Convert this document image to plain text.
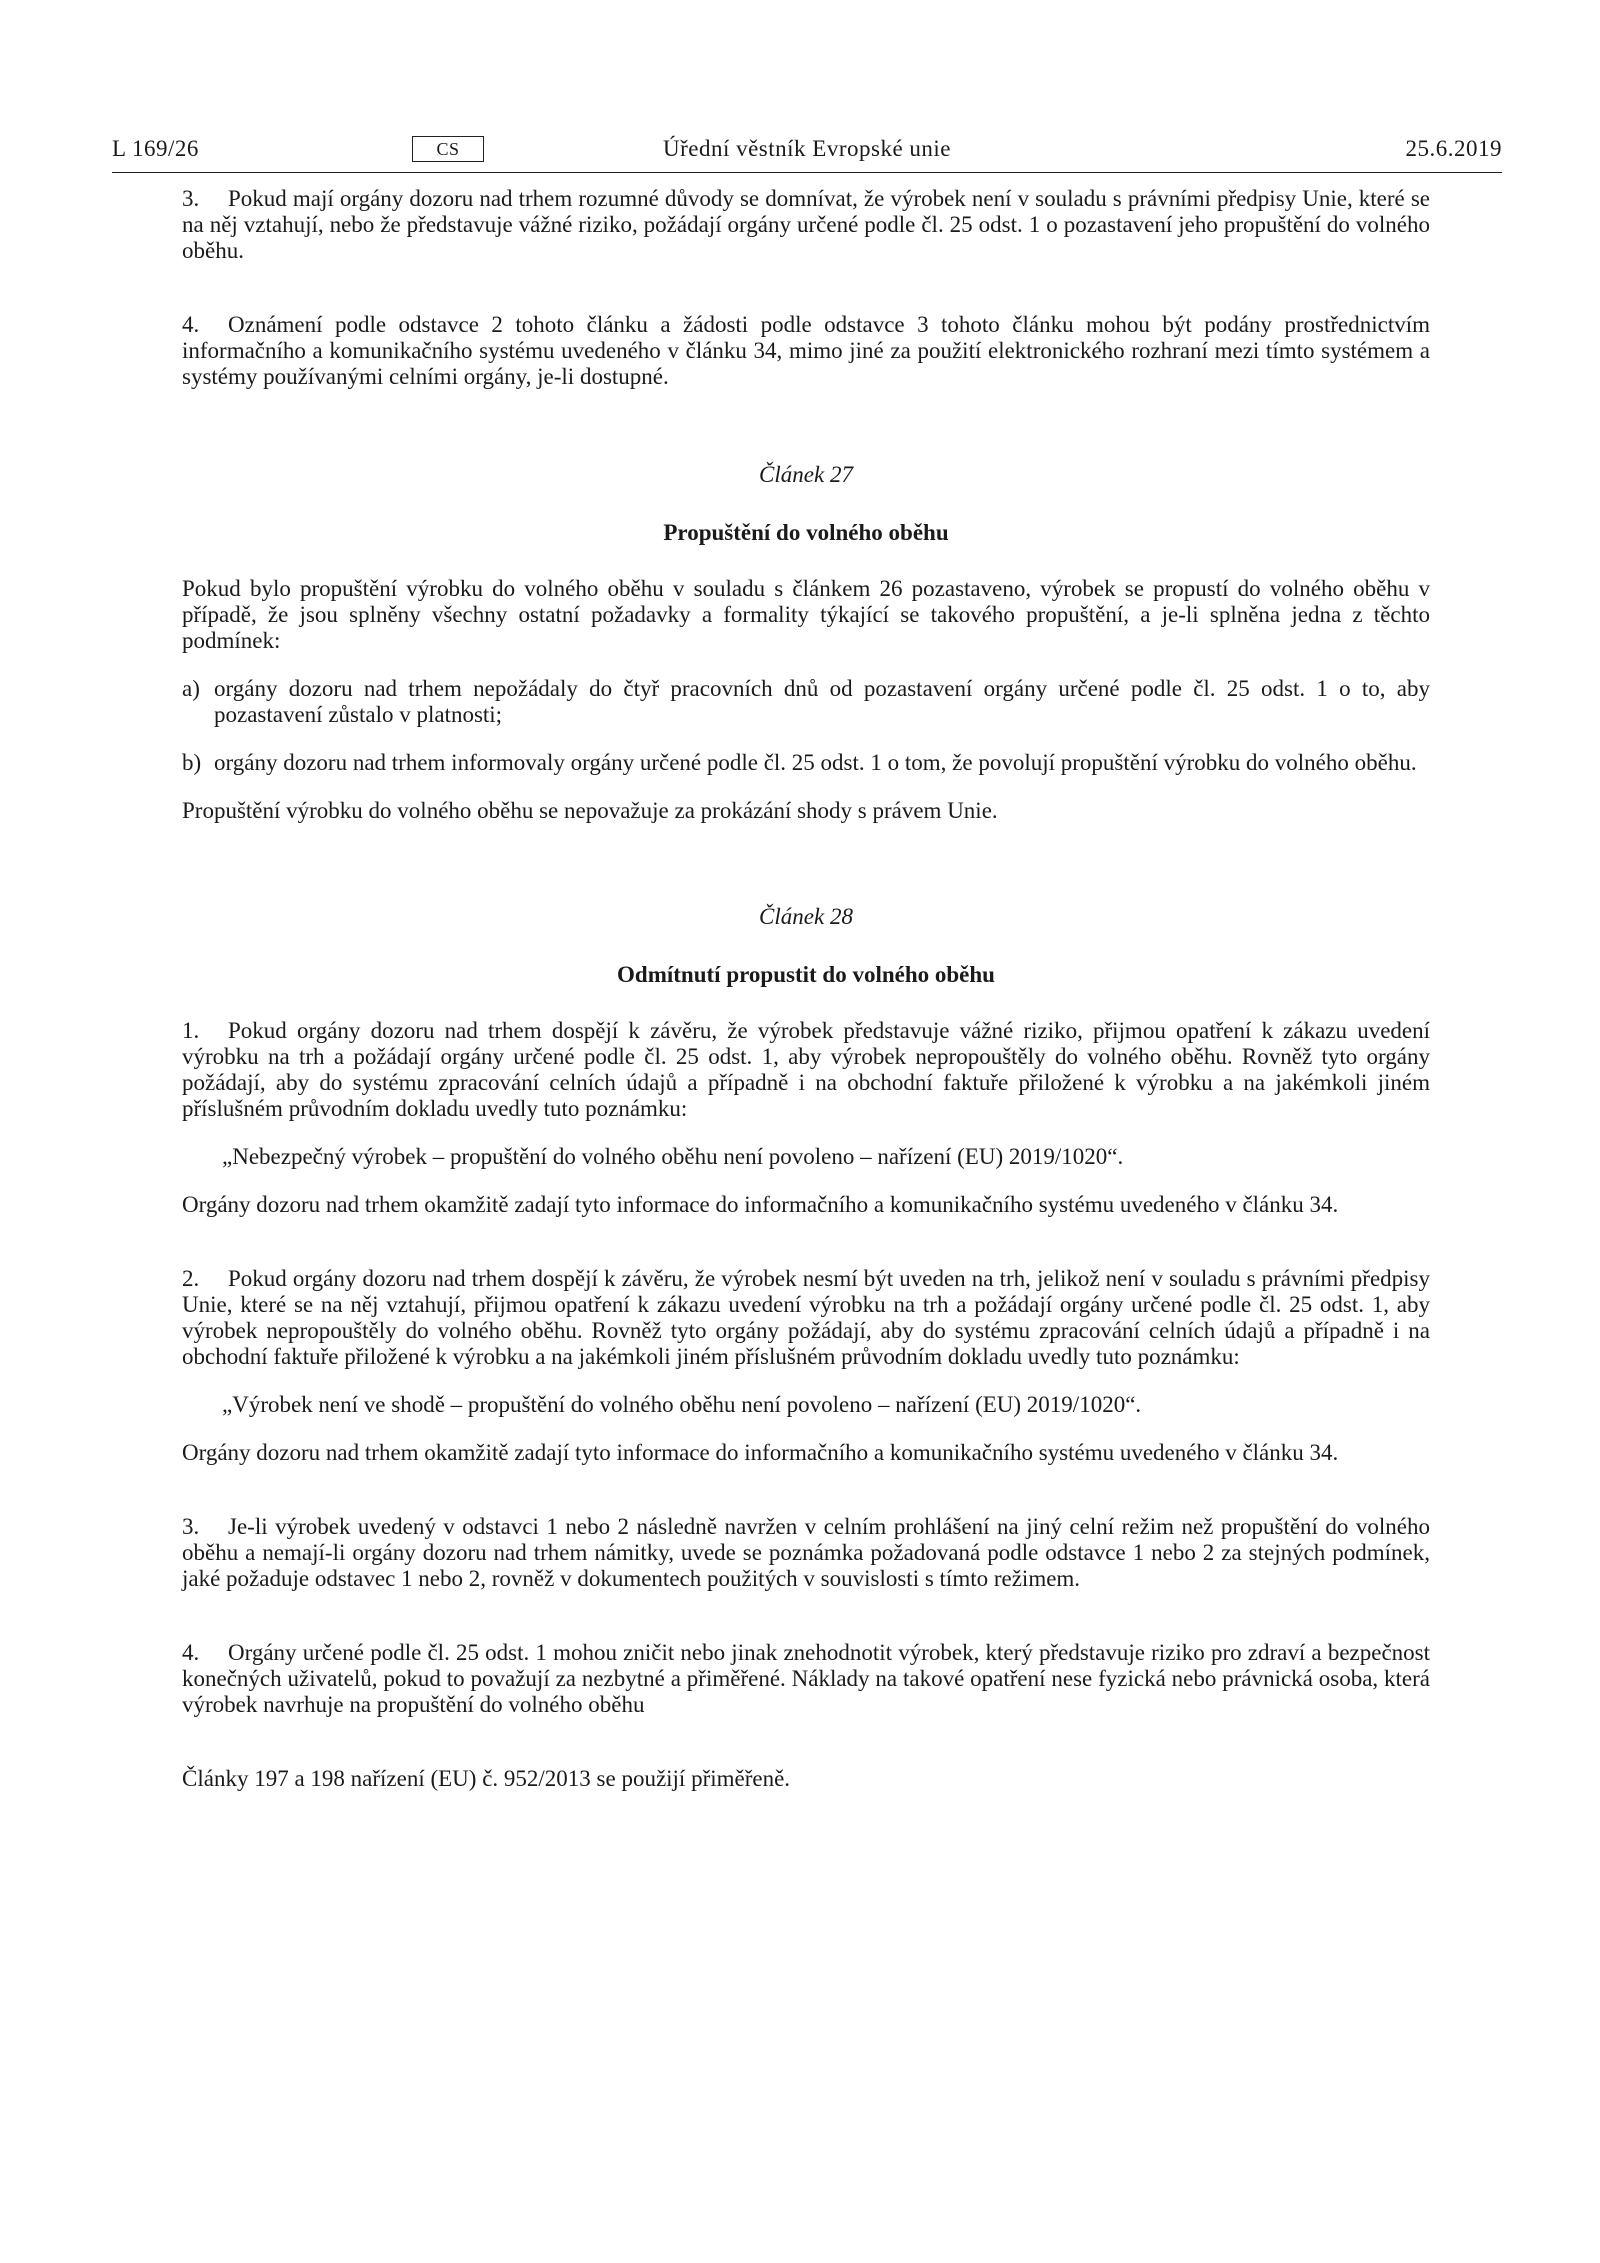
L 169/26	CS	Úřední věstník Evropské unie	25.6.2019

3. Pokud mají orgány dozoru nad trhem rozumné důvody se domnívat, že výrobek není v souladu s právními předpisy Unie, které se na něj vztahují, nebo že představuje vážné riziko, požádají orgány určené podle čl. 25 odst. 1 o pozastavení jeho propuštění do volného oběhu.

4. Oznámení podle odstavce 2 tohoto článku a žádosti podle odstavce 3 tohoto článku mohou být podány prostřednictvím informačního a komunikačního systému uvedeného v článku 34, mimo jiné za použití elektronického rozhraní mezi tímto systémem a systémy používanými celními orgány, je-li dostupné.

Článek 27

Propuštění do volného oběhu

Pokud bylo propuštění výrobku do volného oběhu v souladu s článkem 26 pozastaveno, výrobek se propustí do volného oběhu v případě, že jsou splněny všechny ostatní požadavky a formality týkající se takového propuštění, a je-li splněna jedna z těchto podmínek:

a) orgány dozoru nad trhem nepožádaly do čtyř pracovních dnů od pozastavení orgány určené podle čl. 25 odst. 1 o to, aby pozastavení zůstalo v platnosti;

b) orgány dozoru nad trhem informovaly orgány určené podle čl. 25 odst. 1 o tom, že povolují propuštění výrobku do volného oběhu.

Propuštění výrobku do volného oběhu se nepovažuje za prokázání shody s právem Unie.

Článek 28

Odmítnutí propustit do volného oběhu

1. Pokud orgány dozoru nad trhem dospějí k závěru, že výrobek představuje vážné riziko, přijmou opatření k zákazu uvedení výrobku na trh a požádají orgány určené podle čl. 25 odst. 1, aby výrobek nepropouštěly do volného oběhu. Rovněž tyto orgány požádají, aby do systému zpracování celních údajů a případně i na obchodní faktuře přiložené k výrobku a na jakémkoli jiném příslušném průvodním dokladu uvedly tuto poznámku:

„Nebezpečný výrobek – propuštění do volného oběhu není povoleno – nařízení (EU) 2019/1020“.

Orgány dozoru nad trhem okamžitě zadají tyto informace do informačního a komunikačního systému uvedeného v článku 34.

2. Pokud orgány dozoru nad trhem dospějí k závěru, že výrobek nesmí být uveden na trh, jelikož není v souladu s právními předpisy Unie, které se na něj vztahují, přijmou opatření k zákazu uvedení výrobku na trh a požádají orgány určené podle čl. 25 odst. 1, aby výrobek nepropouštěly do volného oběhu. Rovněž tyto orgány požádají, aby do systému zpracování celních údajů a případně i na obchodní faktuře přiložené k výrobku a na jakémkoli jiném příslušném průvodním dokladu uvedly tuto poznámku:

„Výrobek není ve shodě – propuštění do volného oběhu není povoleno – nařízení (EU) 2019/1020“.

Orgány dozoru nad trhem okamžitě zadají tyto informace do informačního a komunikačního systému uvedeného v článku 34.

3. Je-li výrobek uvedený v odstavci 1 nebo 2 následně navržen v celním prohlášení na jiný celní režim než propuštění do volného oběhu a nemají-li orgány dozoru nad trhem námitky, uvede se poznámka požadovaná podle odstavce 1 nebo 2 za stejných podmínek, jaké požaduje odstavec 1 nebo 2, rovněž v dokumentech použitých v souvislosti s tímto režimem.

4. Orgány určené podle čl. 25 odst. 1 mohou zničit nebo jinak znehodnotit výrobek, který představuje riziko pro zdraví a bezpečnost konečných uživatelů, pokud to považují za nezbytné a přiměřené. Náklady na takové opatření nese fyzická nebo právnická osoba, která výrobek navrhuje na propuštění do volného oběhu

Články 197 a 198 nařízení (EU) č. 952/2013 se použijí přiměřeně.
